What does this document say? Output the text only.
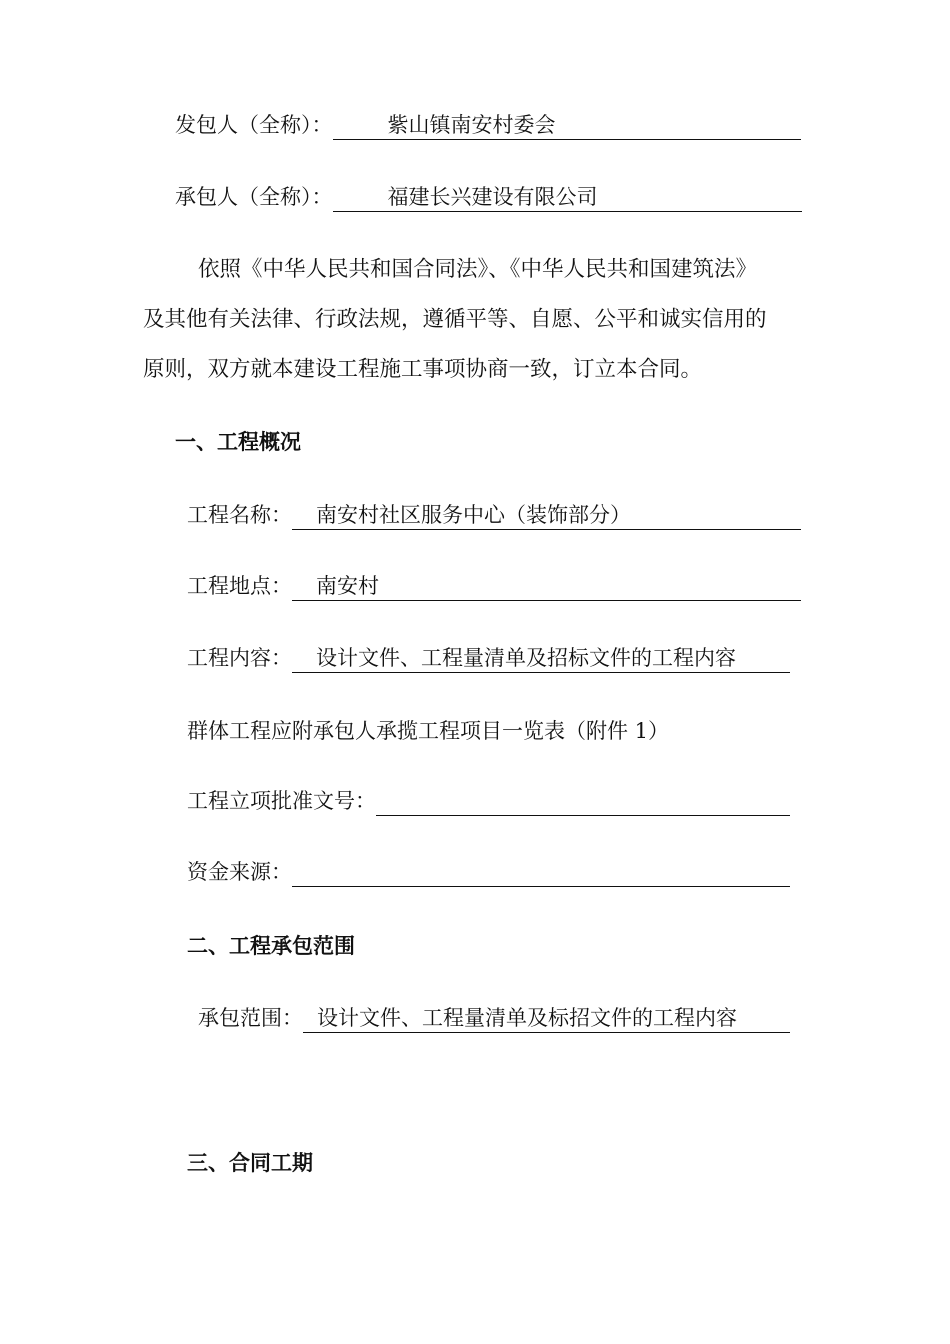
发包人（全称）：	紫山镇南安村委会
承包人（全称）：	福建长兴建设有限公司
依照《中华人民共和国合同法》、《中华人民共和国建筑法》
及其他有关法律、行政法规，遵循平等、自愿、公平和诚实信用的
原则，双方就本建设工程施工事项协商一致，订立本合同。
一、工程概况
工程名称：	南安村社区服务中心（装饰部分）
工程地点：	南安村
工程内容：	设计文件、工程量清单及招标文件的工程内容
群体工程应附承包人承揽工程项目一览表（附件 1）
工程立项批准文号：
资金来源：
二、工程承包范围
承包范围： 设计文件、工程量清单及标招文件的工程内容
三、合同工期
